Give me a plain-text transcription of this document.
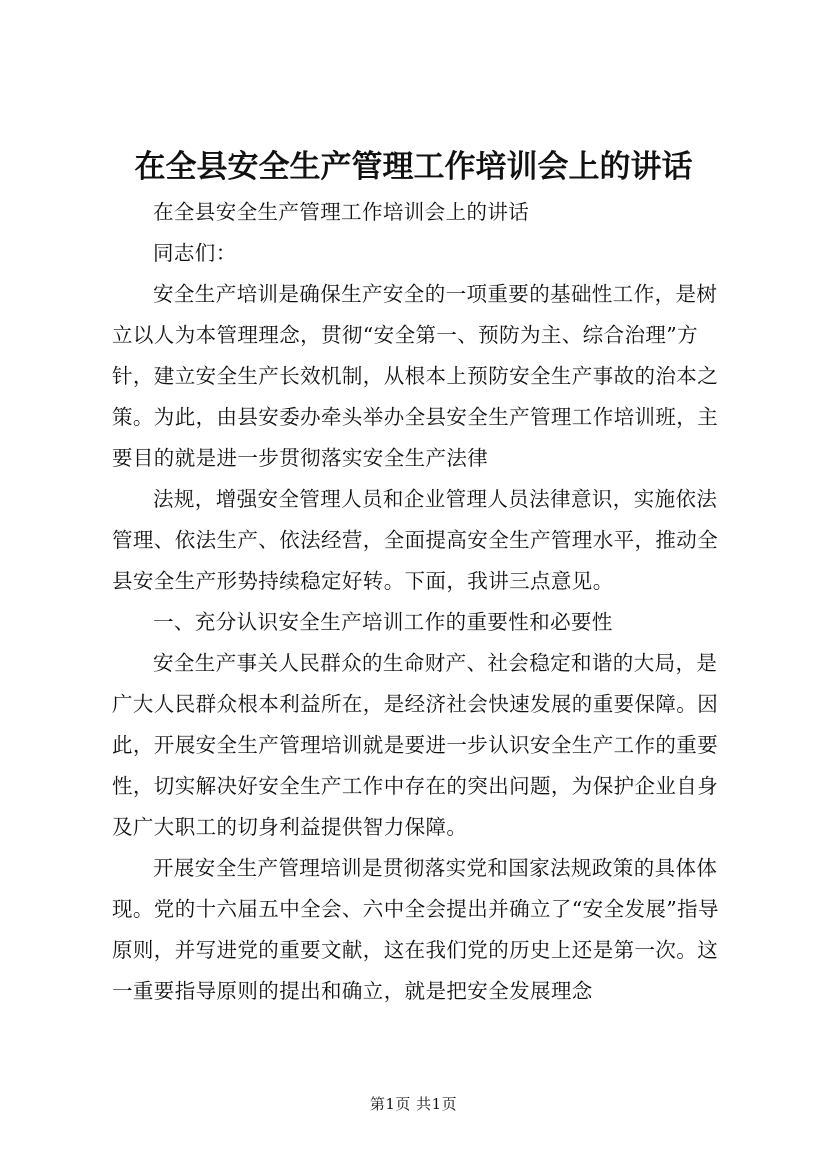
在全县安全生产管理工作培训会上的讲话

在全县安全生产管理工作培训会上的讲话

同志们：

安全生产培训是确保生产安全的一项重要的基础性工作，是树立以人为本管理理念，贯彻“安全第一、预防为主、综合治理”方针，建立安全生产长效机制，从根本上预防安全生产事故的治本之策。为此，由县安委办牵头举办全县安全生产管理工作培训班，主要目的就是进一步贯彻落实安全生产法律

法规，增强安全管理人员和企业管理人员法律意识，实施依法管理、依法生产、依法经营，全面提高安全生产管理水平，推动全县安全生产形势持续稳定好转。下面，我讲三点意见。

一、充分认识安全生产培训工作的重要性和必要性

安全生产事关人民群众的生命财产、社会稳定和谐的大局，是广大人民群众根本利益所在，是经济社会快速发展的重要保障。因此，开展安全生产管理培训就是要进一步认识安全生产工作的重要性，切实解决好安全生产工作中存在的突出问题，为保护企业自身及广大职工的切身利益提供智力保障。

开展安全生产管理培训是贯彻落实党和国家法规政策的具体体现。党的十六届五中全会、六中全会提出并确立了“安全发展”指导原则，并写进党的重要文献，这在我们党的历史上还是第一次。这一重要指导原则的提出和确立，就是把安全发展理念

第1页 共1页
